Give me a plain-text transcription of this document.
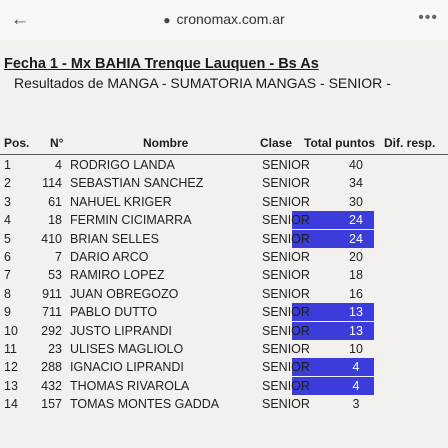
←	● cronomax.com.ar	•••
Fecha 1 - Mx BAHIA Trenque Lauquen - Bs As
Resultados de MANGA - SUMATORIA MANGAS - SENIOR -
Pos. N°	Nombre	Clase Total puntos Dif. resp.
1	4 RODRIGO LANDA	SENIOR	40
2	114 SEBASTIAN SANCHEZ	SENIOR	34
3	61 NAHUEL KRIGER	SENIOR	30
4	18 FERMIN CICIMARRA	SENIOR	24
5	410 BRIAN SELLES	SENIOR	24
6	7 DARIO ARCO	SENIOR	20
7	53 RAMIRO LOPEZ	SENIOR	18
8	911 JUAN OBREGOZO	SENIOR	16
9	711 PABLO DUTTO	SENIOR	13
10	292 JUSTO LIPRANDI	SENIOR	13
11	23 ULISES MAGLIOLO	SENIOR	10
12	288 IGNACIO LIPRANDI	SENIOR	4
13	432 THOMAS RIVAROLA	SENIOR	4
14	157 TOMAS MONTES GADDA	SENIOR	3
